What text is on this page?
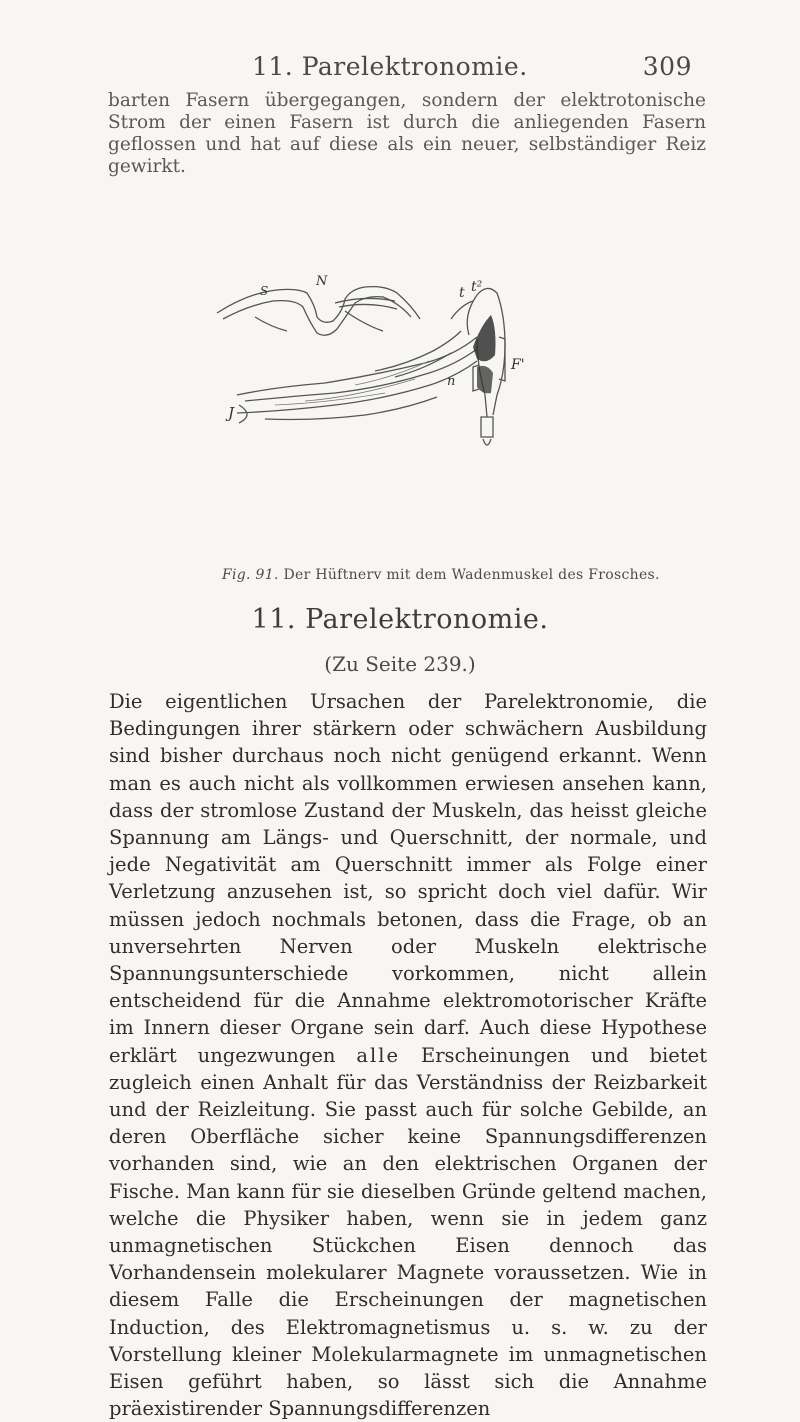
11. Parelektronomie.	309
barten Fasern übergegangen, sondern der elektrotonische Strom der einen Fasern ist durch die anliegenden Fasern geflossen und hat auf diese als ein neuer, selbständiger Reiz gewirkt.
N
S	t t²
F'
n
J
Fig. 91. Der Hüftnerv mit dem Wadenmuskel des Frosches.
11. Parelektronomie.
(Zu Seite 239.)
Die eigentlichen Ursachen der Parelektronomie, die Bedingungen ihrer stärkern oder schwächern Ausbildung sind bisher durchaus noch nicht genügend erkannt. Wenn man es auch nicht als vollkommen erwiesen ansehen kann, dass der stromlose Zustand der Muskeln, das heisst gleiche Spannung am Längs- und Querschnitt, der normale, und jede Negativität am Querschnitt immer als Folge einer Verletzung anzusehen ist, so spricht doch viel dafür. Wir müssen jedoch nochmals betonen, dass die Frage, ob an unversehrten Nerven oder Muskeln elektrische Spannungsunterschiede vorkommen, nicht allein entscheidend für die Annahme elektromotorischer Kräfte im Innern dieser Organe sein darf. Auch diese Hypothese erklärt ungezwungen alle Erscheinungen und bietet zugleich einen Anhalt für das Verständniss der Reizbarkeit und der Reizleitung. Sie passt auch für solche Gebilde, an deren Oberfläche sicher keine Spannungsdifferenzen vorhanden sind, wie an den elektrischen Organen der Fische. Man kann für sie dieselben Gründe geltend machen, welche die Physiker haben, wenn sie in jedem ganz unmagnetischen Stückchen Eisen dennoch das Vorhandensein molekularer Magnete voraussetzen. Wie in diesem Falle die Erscheinungen der magnetischen Induction, des Elektromagnetismus u. s. w. zu der Vorstellung kleiner Molekularmagnete im unmagnetischen Eisen geführt haben, so lässt sich die Annahme präexistirender Spannungsdifferenzen
